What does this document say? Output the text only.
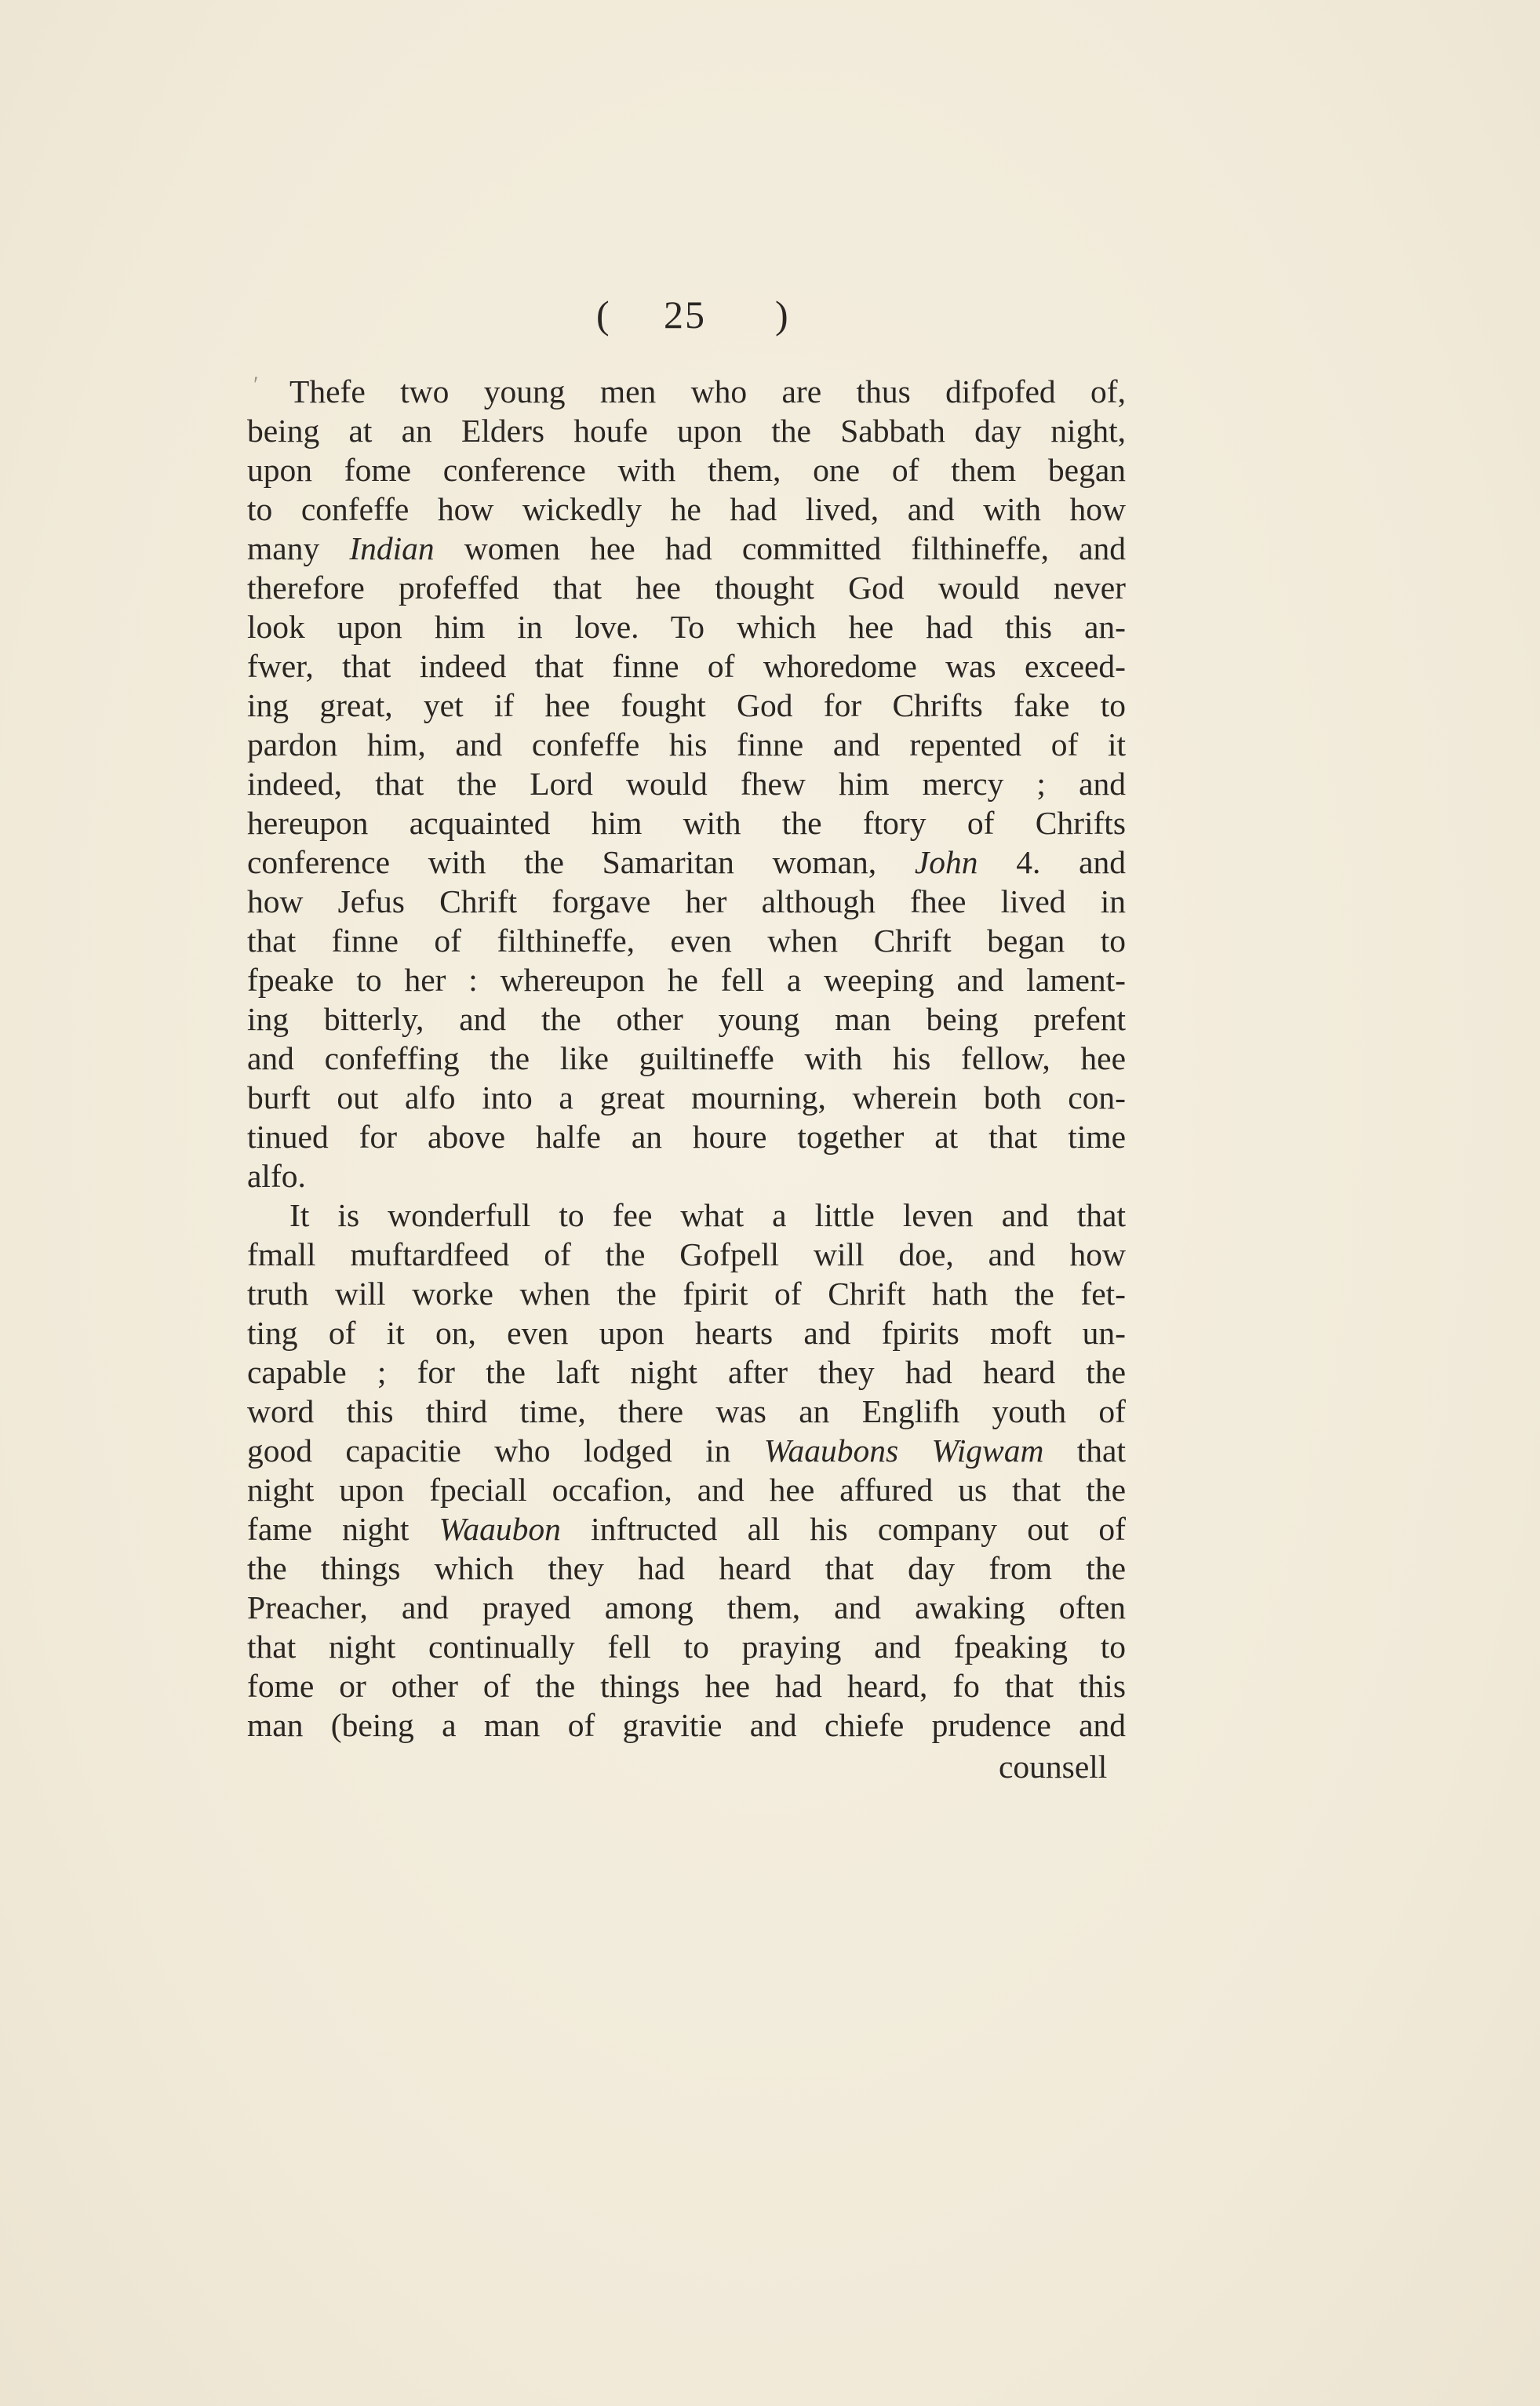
(

25

)

ʹ Thefe two young men who are thus difpofed of,
being at an Elders houfe upon the Sabbath day night,
upon fome conference with them, one of them began
to confeffe how wickedly he had lived, and with how
many Indian women hee had committed filthineffe, and
therefore profeffed that hee thought God would never
look upon him in love. To which hee had this an-
fwer, that indeed that finne of whoredome was exceed-
ing great, yet if hee fought God for Chrifts fake to
pardon him, and confeffe his finne and repented of it
indeed, that the Lord would fhew him mercy ; and
hereupon acquainted him with the ftory of Chrifts
conference with the Samaritan woman, John 4. and
how Jefus Chrift forgave her although fhee lived in
that finne of filthineffe, even when Chrift began to
fpeake to her : whereupon he fell a weeping and lament-
ing bitterly, and the other young man being prefent
and confeffing the like guiltineffe with his fellow, hee
burft out alfo into a great mourning, wherein both con-
tinued for above halfe an houre together at that time
alfo.
It is wonderfull to fee what a little leven and that
fmall muftardfeed of the Gofpell will doe, and how
truth will worke when the fpirit of Chrift hath the fet-
ting of it on, even upon hearts and fpirits moft un-
capable ; for the laft night after they had heard the
word this third time, there was an Englifh youth of
good capacitie who lodged in Waaubons Wigwam that
night upon fpeciall occafion, and hee affured us that the
fame night Waaubon inftructed all his company out of
the things which they had heard that day from the
Preacher, and prayed among them, and awaking often
that night continually fell to praying and fpeaking to
fome or other of the things hee had heard, fo that this
man (being a man of gravitie and chiefe prudence and
counsell
